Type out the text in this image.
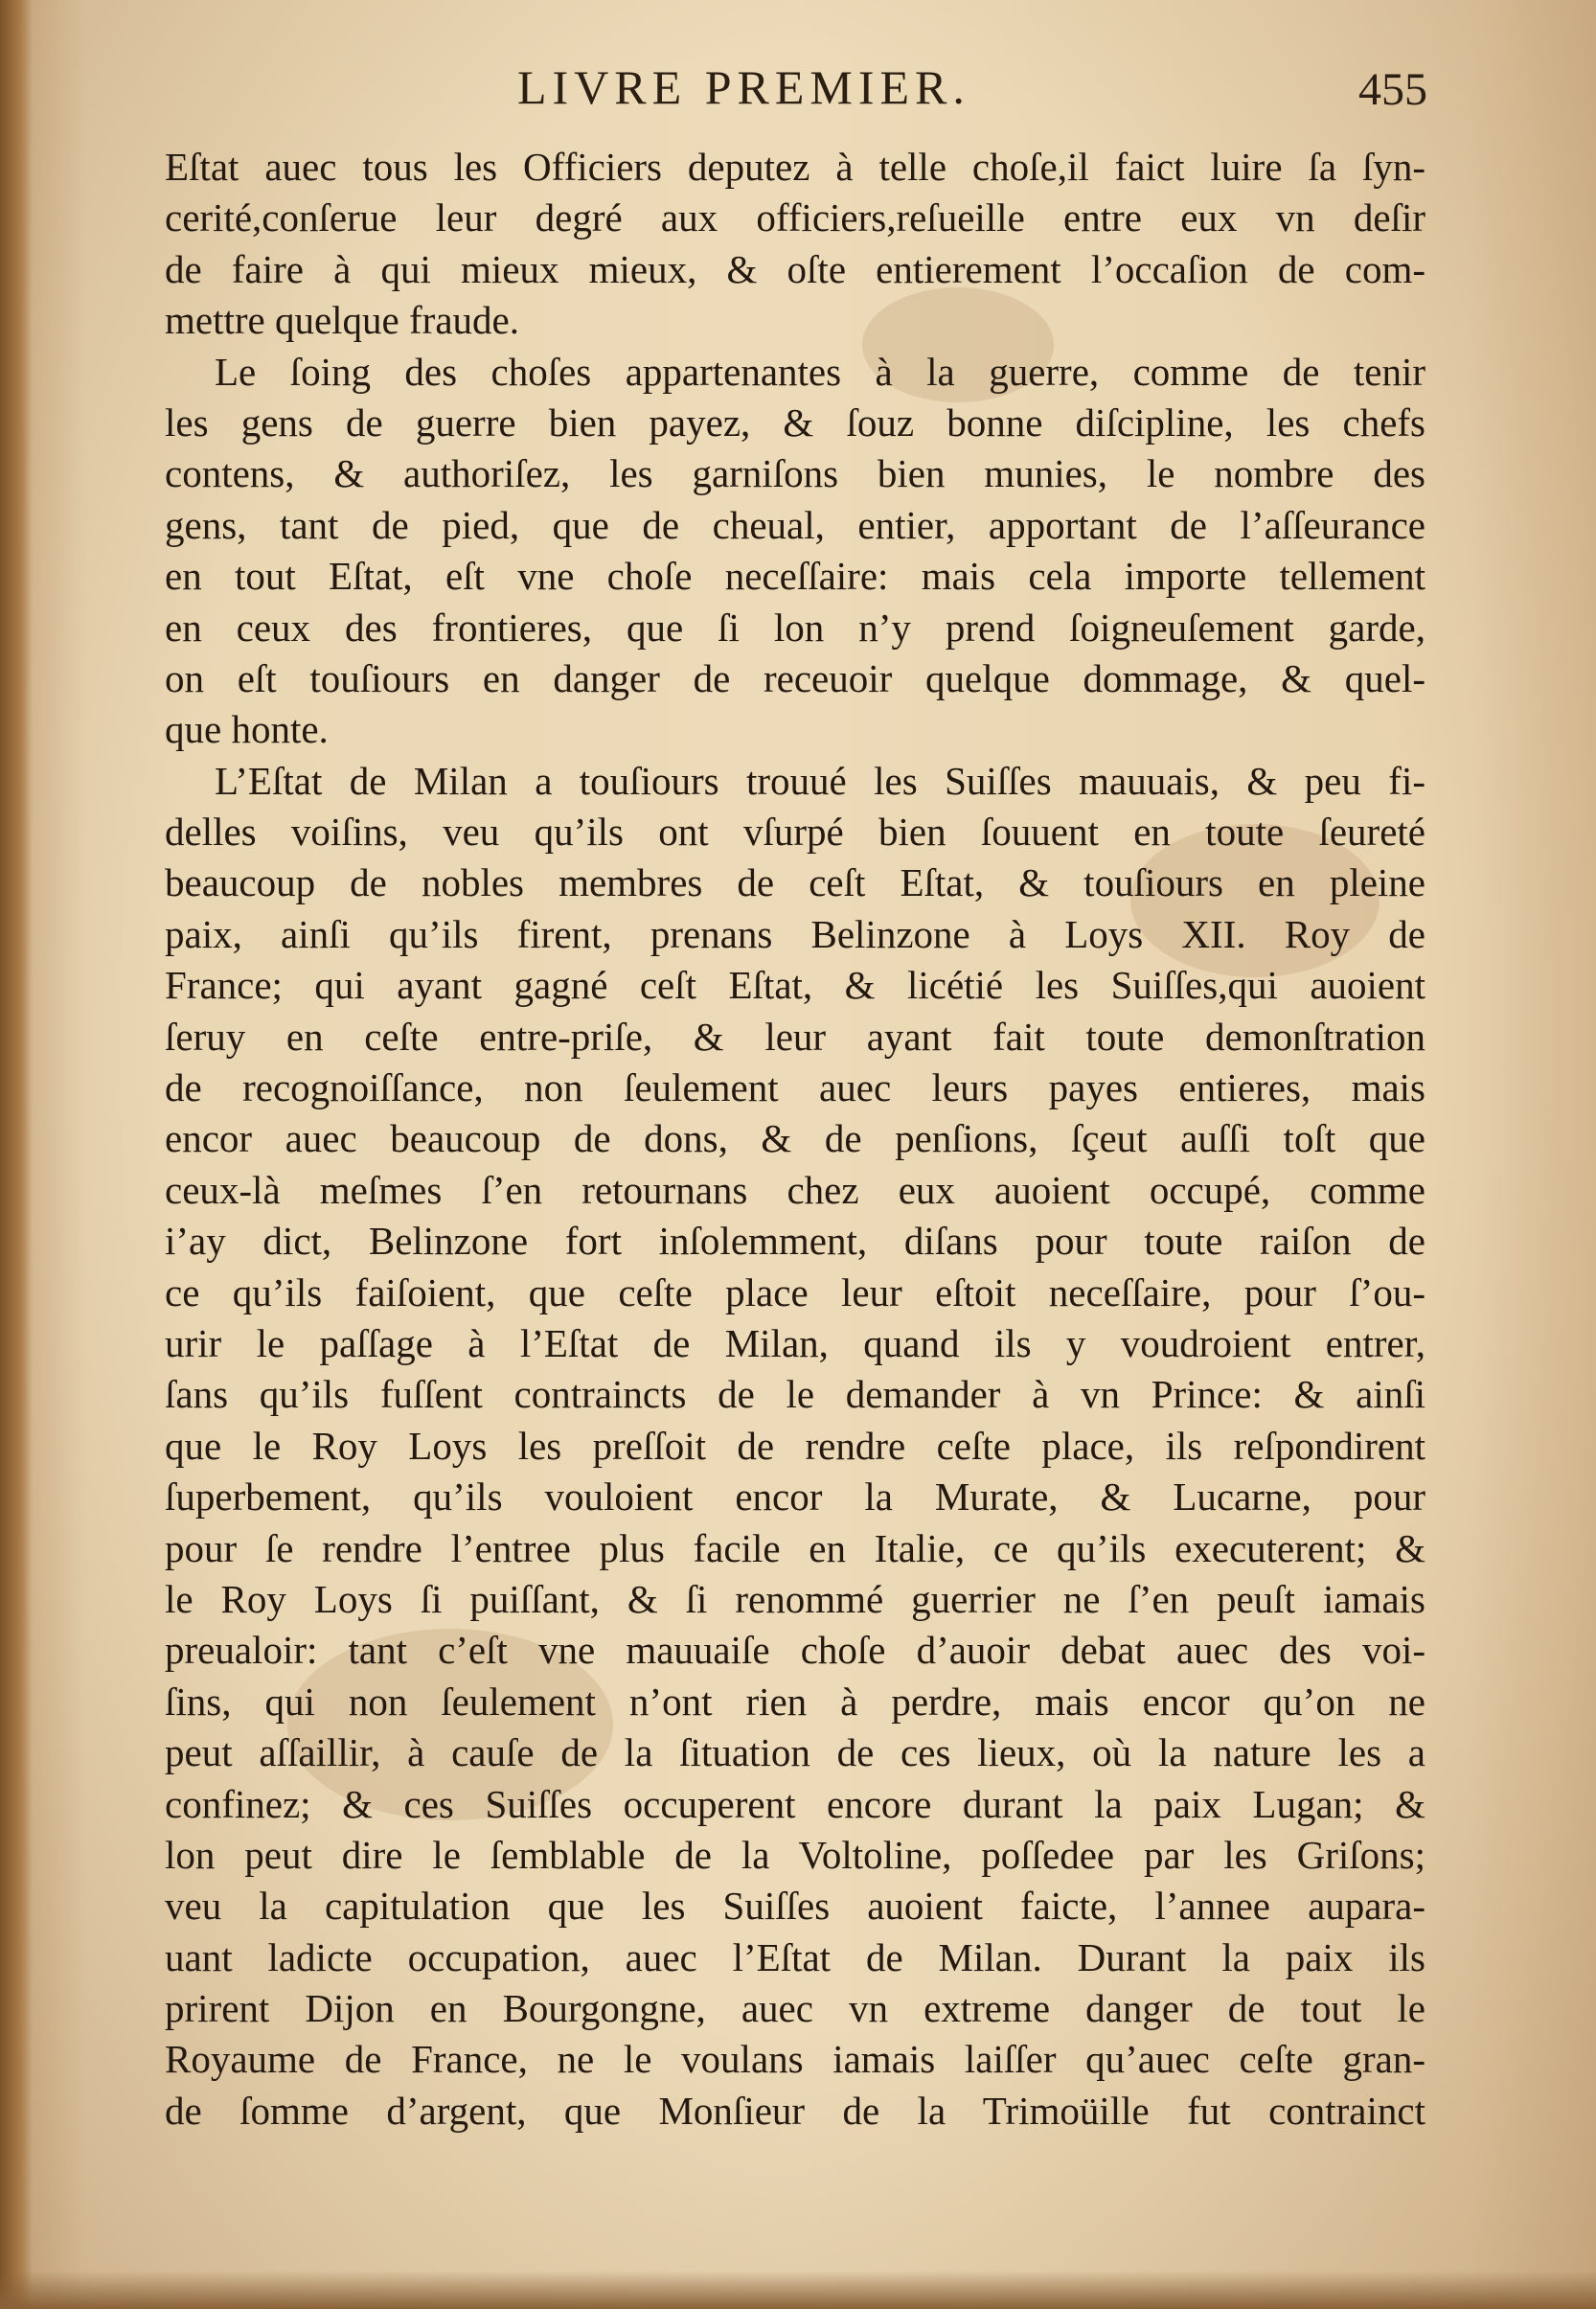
LIVRE PREMIER.	455
Eſtat auec tous les Officiers deputez à telle choſe,il faict luire ſa ſyn-
cerité,conſerue leur degré aux officiers,reſueille entre eux vn deſir
de faire à qui mieux mieux, & oſte entierement l’occaſion de com-
mettre quelque fraude.
Le ſoing des choſes appartenantes à la guerre, comme de tenir
les gens de guerre bien payez, & ſouz bonne diſcipline, les chefs
contens, & authoriſez, les garniſons bien munies, le nombre des
gens, tant de pied, que de cheual, entier, apportant de l’aſſeurance
en tout Eſtat, eſt vne choſe neceſſaire: mais cela importe tellement
en ceux des frontieres, que ſi lon n’y prend ſoigneuſement garde,
on eſt touſiours en danger de receuoir quelque dommage, & quel-
que honte.
L’Eſtat de Milan a touſiours trouué les Suiſſes mauuais, & peu fi-
delles voiſins, veu qu’ils ont vſurpé bien ſouuent en toute ſeureté
beaucoup de nobles membres de ceſt Eſtat, & touſiours en pleine
paix, ainſi qu’ils firent, prenans Belinzone à Loys XII. Roy de
France; qui ayant gagné ceſt Eſtat, & licétié les Suiſſes,qui auoient
ſeruy en ceſte entre-priſe, & leur ayant fait toute demonſtration
de recognoiſſance, non ſeulement auec leurs payes entieres, mais
encor auec beaucoup de dons, & de penſions, ſçeut auſſi toſt que
ceux-là meſmes ſ’en retournans chez eux auoient occupé, comme
i’ay dict, Belinzone fort inſolemment, diſans pour toute raiſon de
ce qu’ils faiſoient, que ceſte place leur eſtoit neceſſaire, pour ſ’ou-
urir le paſſage à l’Eſtat de Milan, quand ils y voudroient entrer,
ſans qu’ils fuſſent contraincts de le demander à vn Prince: & ainſi
que le Roy Loys les preſſoit de rendre ceſte place, ils reſpondirent
ſuperbement, qu’ils vouloient encor la Murate, & Lucarne, pour
pour ſe rendre l’entree plus facile en Italie, ce qu’ils executerent; &
le Roy Loys ſi puiſſant, & ſi renommé guerrier ne ſ’en peuſt iamais
preualoir: tant c’eſt vne mauuaiſe choſe d’auoir debat auec des voi-
ſins, qui non ſeulement n’ont rien à perdre, mais encor qu’on ne
peut aſſaillir, à cauſe de la ſituation de ces lieux, où la nature les a
confinez; & ces Suiſſes occuperent encore durant la paix Lugan; &
lon peut dire le ſemblable de la Voltoline, poſſedee par les Griſons;
veu la capitulation que les Suiſſes auoient faicte, l’annee aupara-
uant ladicte occupation, auec l’Eſtat de Milan. Durant la paix ils
prirent Dijon en Bourgongne, auec vn extreme danger de tout le
Royaume de France, ne le voulans iamais laiſſer qu’auec ceſte gran-
de ſomme d’argent, que Monſieur de la Trimoüille fut contrainct
